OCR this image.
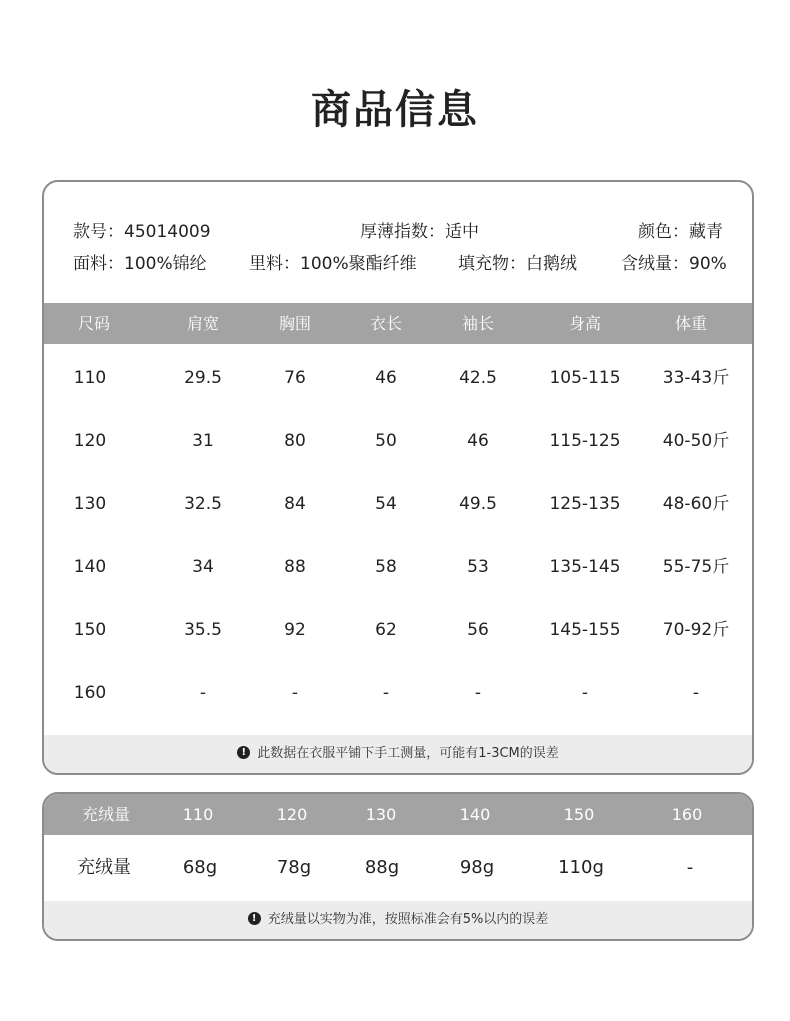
商品信息
款号：45014009	厚薄指数：适中	颜色：藏青
面料：100%锦纶 里料：100%聚酯纤维 填充物：白鹅绒	含绒量：90%
尺码	肩宽	胸围	衣长	袖长	身高	体重
110	29.5	76	46	42.5	105-115 33-43斤
120	31	80	50	46	115-125 40-50斤
130	32.5	84	54	49.5	125-135 48-60斤
140	34	88	58	53	135-145 55-75斤
150	35.5	92	62	56	145-155 70-92斤
160	-	-	-	-	-	-
! 此数据在衣服平铺下手工测量，可能有1-3CM的误差
充绒量	110	120	130	140	150	160
充绒量	68g	78g	88g	98g	110g	-
! 充绒量以实物为准，按照标准会有5%以内的误差
